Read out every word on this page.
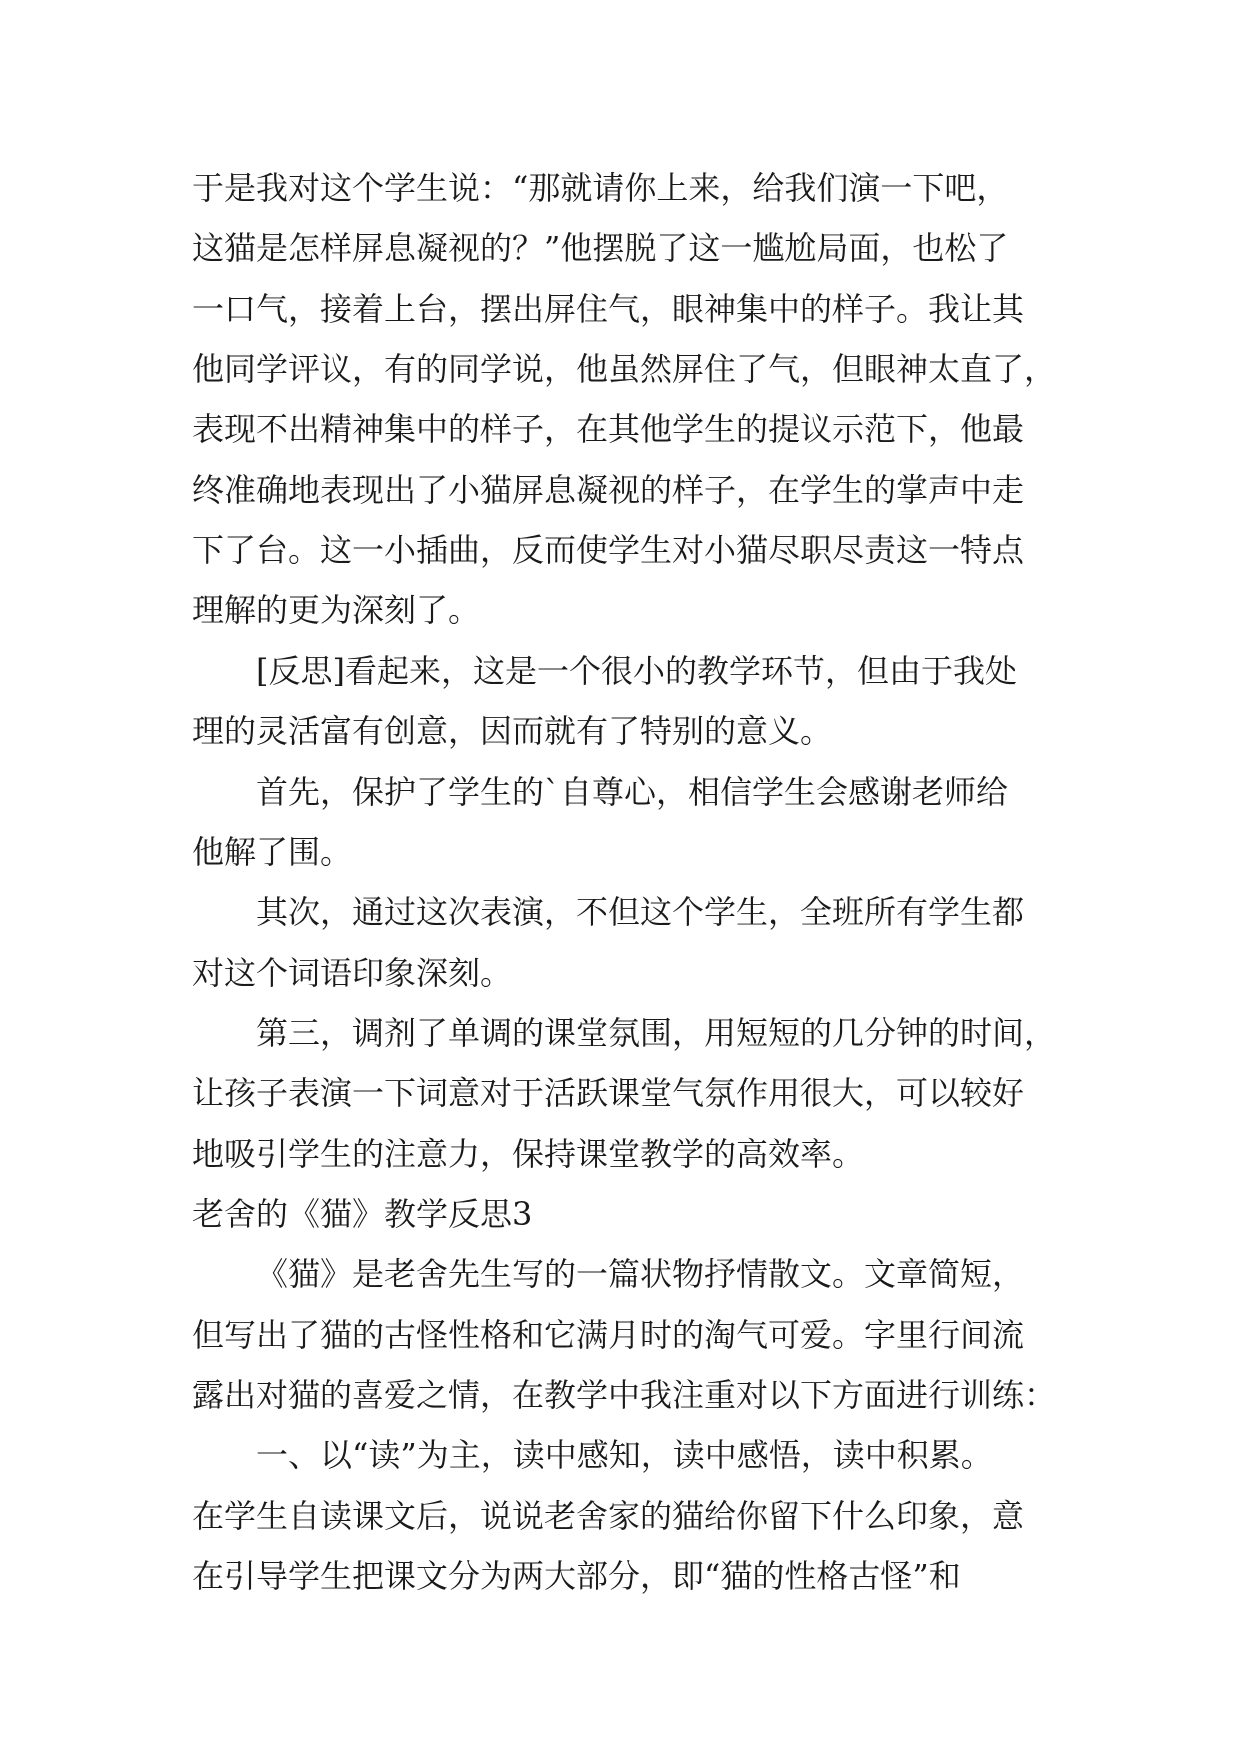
于是我对这个学生说：“那就请你上来，给我们演一下吧，
这猫是怎样屏息凝视的？”他摆脱了这一尴尬局面，也松了
一口气，接着上台，摆出屏住气，眼神集中的样子。我让其
他同学评议，有的同学说，他虽然屏住了气，但眼神太直了，
表现不出精神集中的样子，在其他学生的提议示范下，他最
终准确地表现出了小猫屏息凝视的样子，在学生的掌声中走
下了台。这一小插曲，反而使学生对小猫尽职尽责这一特点
理解的更为深刻了。
[反思]看起来，这是一个很小的教学环节，但由于我处
理的灵活富有创意，因而就有了特别的意义。
首先，保护了学生的`自尊心，相信学生会感谢老师给
他解了围。
其次，通过这次表演，不但这个学生，全班所有学生都
对这个词语印象深刻。
第三，调剂了单调的课堂氛围，用短短的几分钟的时间，
让孩子表演一下词意对于活跃课堂气氛作用很大，可以较好
地吸引学生的注意力，保持课堂教学的高效率。
老舍的《猫》教学反思3
《猫》是老舍先生写的一篇状物抒情散文。文章简短，
但写出了猫的古怪性格和它满月时的淘气可爱。字里行间流
露出对猫的喜爱之情，在教学中我注重对以下方面进行训练：
一、以“读”为主，读中感知，读中感悟，读中积累。
在学生自读课文后，说说老舍家的猫给你留下什么印象，意
在引导学生把课文分为两大部分，即“猫的性格古怪”和
